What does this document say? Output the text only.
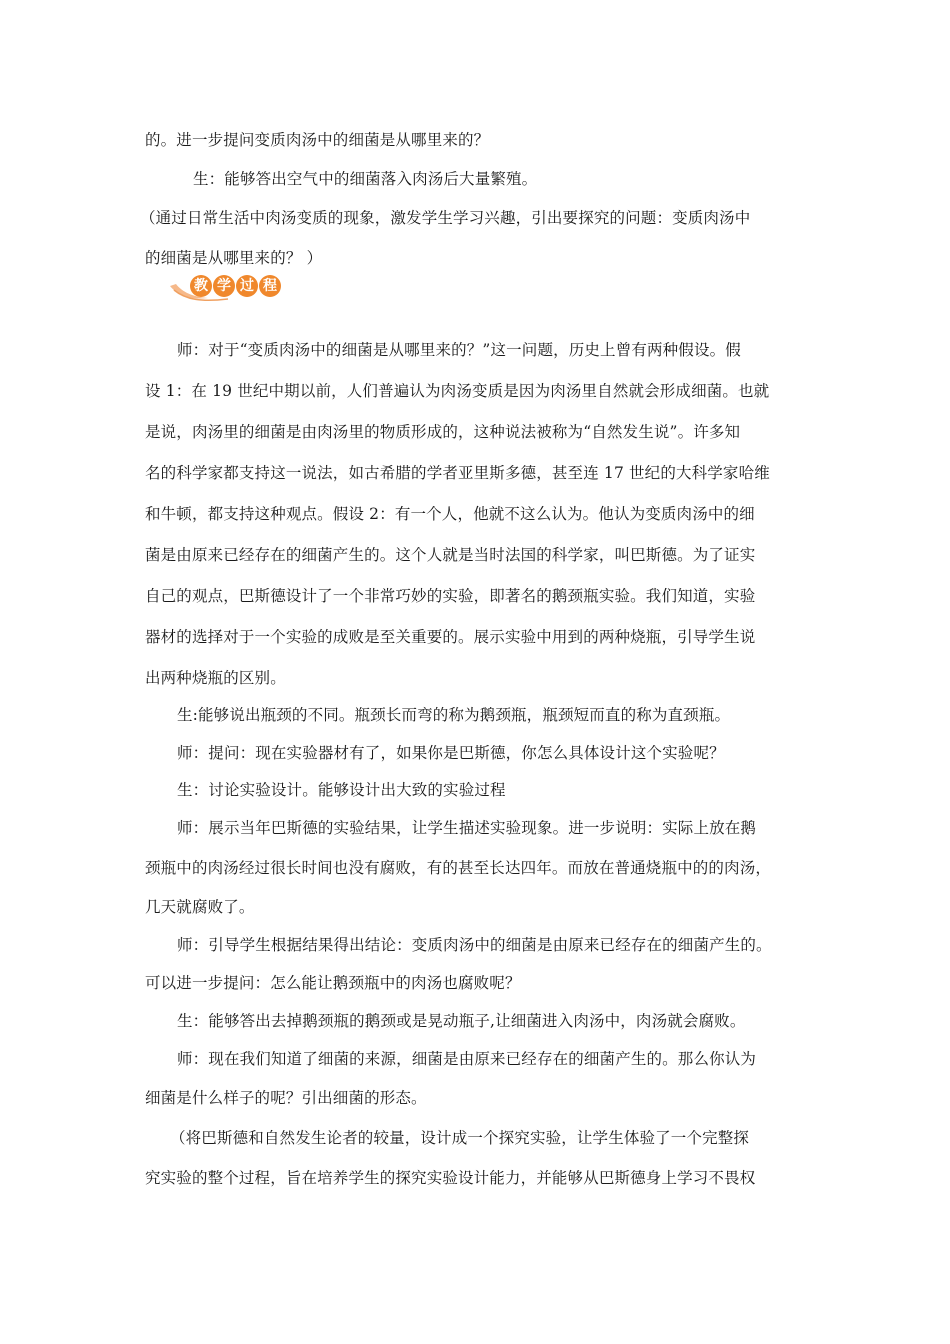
的。进一步提问变质肉汤中的细菌是从哪里来的？
生：能够答出空气中的细菌落入肉汤后大量繁殖。
（通过日常生活中肉汤变质的现象，激发学生学习兴趣，引出要探究的问题：变质肉汤中
的细菌是从哪里来的？ ）
教 学 过 程
师：对于“变质肉汤中的细菌是从哪里来的？”这一问题，历史上曾有两种假设。假
设 1：在 19 世纪中期以前，人们普遍认为肉汤变质是因为肉汤里自然就会形成细菌。也就
是说，肉汤里的细菌是由肉汤里的物质形成的，这种说法被称为“自然发生说”。许多知
名的科学家都支持这一说法，如古希腊的学者亚里斯多德，甚至连 17 世纪的大科学家哈维
和牛顿，都支持这种观点。假设 2：有一个人，他就不这么认为。他认为变质肉汤中的细
菌是由原来已经存在的细菌产生的。这个人就是当时法国的科学家，叫巴斯德。为了证实
自己的观点，巴斯德设计了一个非常巧妙的实验，即著名的鹅颈瓶实验。我们知道，实验
器材的选择对于一个实验的成败是至关重要的。展示实验中用到的两种烧瓶，引导学生说
出两种烧瓶的区别。
生:能够说出瓶颈的不同。瓶颈长而弯的称为鹅颈瓶，瓶颈短而直的称为直颈瓶。
师：提问：现在实验器材有了，如果你是巴斯德，你怎么具体设计这个实验呢？
生：讨论实验设计。能够设计出大致的实验过程
师：展示当年巴斯德的实验结果，让学生描述实验现象。进一步说明：实际上放在鹅
颈瓶中的肉汤经过很长时间也没有腐败，有的甚至长达四年。而放在普通烧瓶中的的肉汤，
几天就腐败了。
师：引导学生根据结果得出结论：变质肉汤中的细菌是由原来已经存在的细菌产生的。
可以进一步提问：怎么能让鹅颈瓶中的肉汤也腐败呢？
生：能够答出去掉鹅颈瓶的鹅颈或是晃动瓶子,让细菌进入肉汤中，肉汤就会腐败。
师：现在我们知道了细菌的来源，细菌是由原来已经存在的细菌产生的。那么你认为
细菌是什么样子的呢？引出细菌的形态。
（将巴斯德和自然发生论者的较量，设计成一个探究实验，让学生体验了一个完整探
究实验的整个过程，旨在培养学生的探究实验设计能力，并能够从巴斯德身上学习不畏权
